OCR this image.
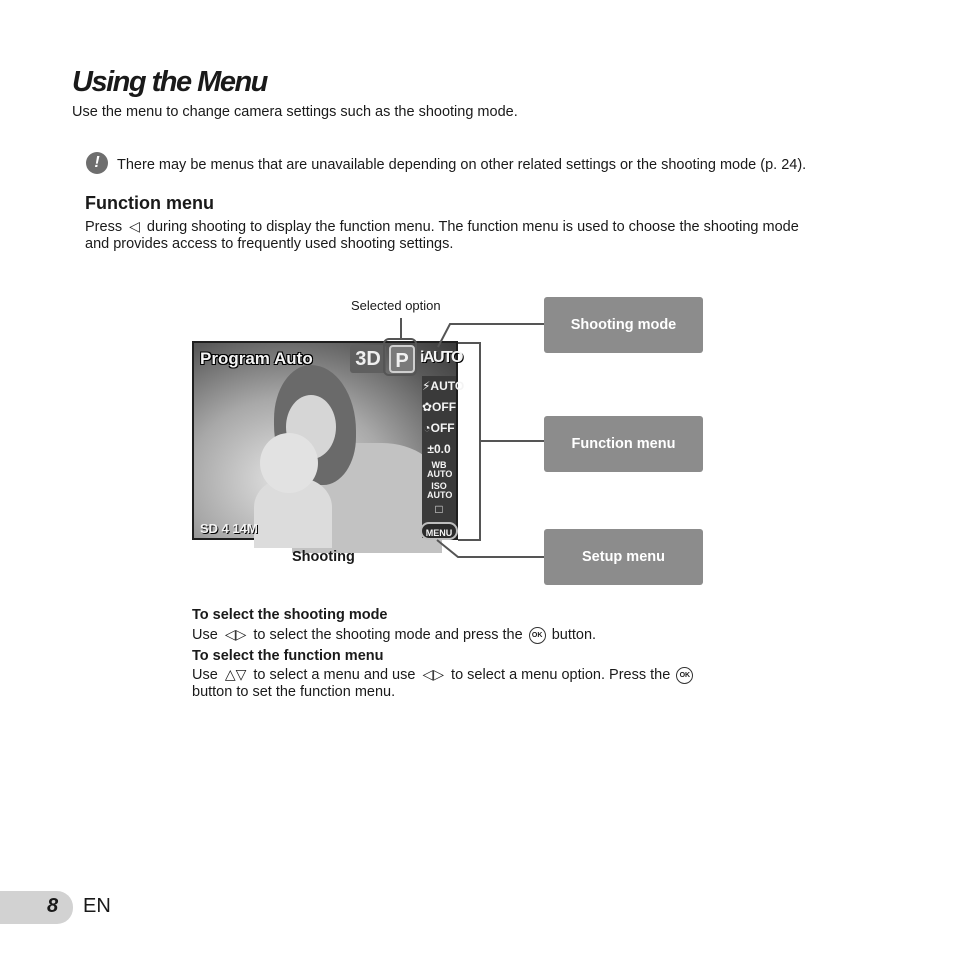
Using the Menu
Use the menu to change camera settings such as the shooting mode.
!	There may be menus that are unavailable depending on other related settings or the shooting mode (p. 24).
Function menu
Press ◁ during shooting to display the function menu. The function menu is used to choose the shooting mode
and provides access to frequently used shooting settings.
Selected option
Program Auto 3D P iAUTO
⚡AUTO
✿OFF
◔OFF
±0.0
WB AUTO
ISO AUTO
□
MENU
SD 4 14M
Shooting mode
Function menu
Setup menu
Shooting
To select the shooting mode
Use ◁▷ to select the shooting mode and press the OK button.
To select the function menu
Use △▽ to select a menu and use ◁▷ to select a menu option. Press the OK
button to set the function menu.
8 EN
